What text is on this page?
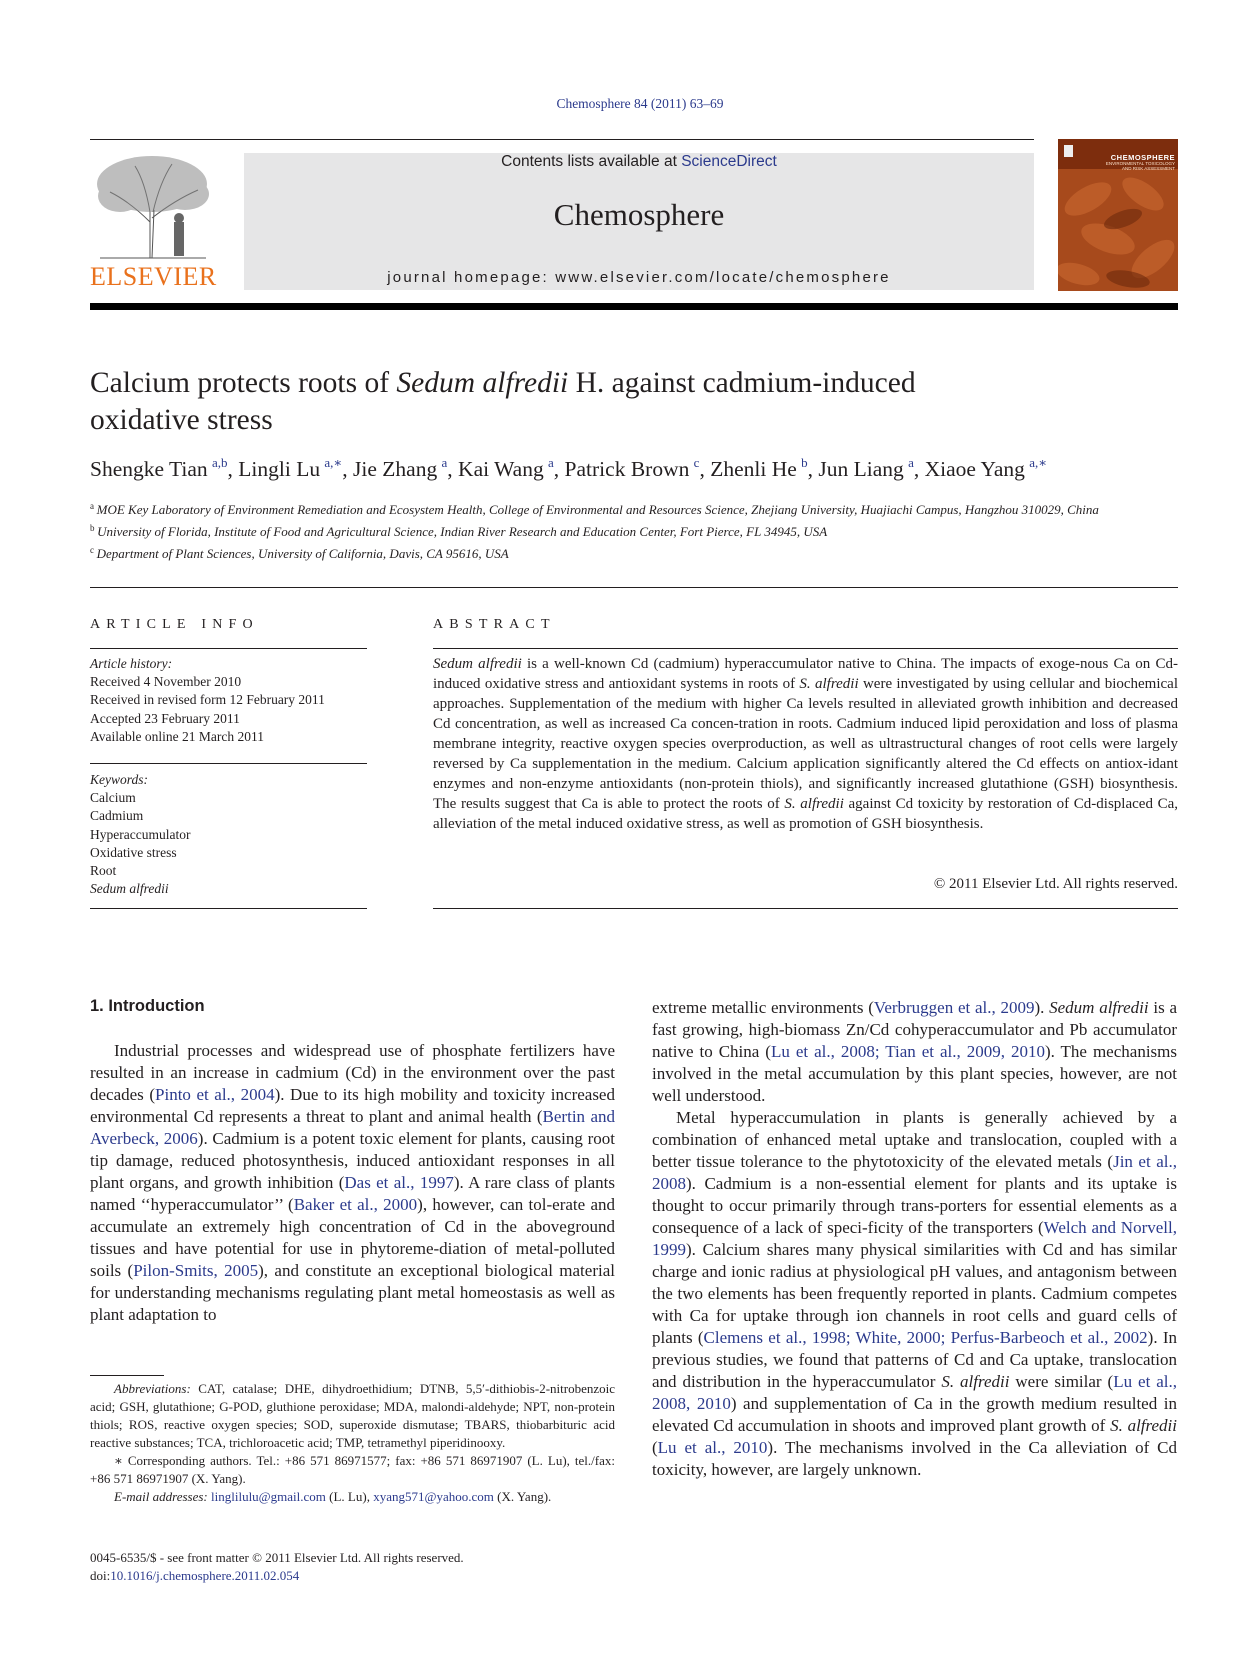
Chemosphere 84 (2011) 63–69
ELSEVIER
Contents lists available at ScienceDirect
Chemosphere
journal homepage: www.elsevier.com/locate/chemosphere
CHEMOSPHERE
ENVIRONMENTAL TOXICOLOGY AND RISK ASSESSMENT
Calcium protects roots of Sedum alfredii H. against cadmium-induced
oxidative stress
Shengke Tian  $^{a,b}$, Lingli Lu  $^{a,∗}$, Jie Zhang  $^a$, Kai Wang  $^a$, Patrick Brown  $^c$, Zhenli He  $^b$, Jun Liang  $^a$, Xiaoe Yang  $^{a,∗}$
$^a$  MOE Key Laboratory of Environment Remediation and Ecosystem Health, College of Environmental and Resources Science, Zhejiang University, Huajiachi Campus, Hangzhou 310029, China
$^b$  University of Florida, Institute of Food and Agricultural Science, Indian River Research and Education Center, Fort Pierce, FL 34945, USA
$^c$  Department of Plant Sciences, University of California, Davis, CA 95616, USA
ARTICLE INFO
Article history:
Received 4 November 2010
Received in revised form 12 February 2011
Accepted 23 February 2011
Available online 21 March 2011
Keywords:
Calcium
Cadmium
Hyperaccumulator
Oxidative stress
Root
Sedum alfredii
ABSTRACT
Sedum alfredii is a well-known Cd (cadmium) hyperaccumulator native to China. The impacts of exoge-nous Ca on Cd-induced oxidative stress and antioxidant systems in roots of S. alfredii were investigated by using cellular and biochemical approaches. Supplementation of the medium with higher Ca levels resulted in alleviated growth inhibition and decreased Cd concentration, as well as increased Ca concen-tration in roots. Cadmium induced lipid peroxidation and loss of plasma membrane integrity, reactive oxygen species overproduction, as well as ultrastructural changes of root cells were largely reversed by Ca supplementation in the medium. Calcium application significantly altered the Cd effects on antiox-idant enzymes and non-enzyme antioxidants (non-protein thiols), and significantly increased glutathione (GSH) biosynthesis. The results suggest that Ca is able to protect the roots of S. alfredii against Cd toxicity by restoration of Cd-displaced Ca, alleviation of the metal induced oxidative stress, as well as promotion of GSH biosynthesis.
© 2011 Elsevier Ltd. All rights reserved.
1. Introduction
Industrial processes and widespread use of phosphate fertilizers have resulted in an increase in cadmium (Cd) in the environment over the past decades (Pinto et al., 2004). Due to its high mobility and toxicity increased environmental Cd represents a threat to plant and animal health (Bertin and Averbeck, 2006). Cadmium is a potent toxic element for plants, causing root tip damage, reduced photosynthesis, induced antioxidant responses in all plant organs, and growth inhibition (Das et al., 1997). A rare class of plants named ‘‘hyperaccumulator’’ (Baker et al., 2000), however, can tol-erate and accumulate an extremely high concentration of Cd in the aboveground tissues and have potential for use in phytoreme-diation of metal-polluted soils (Pilon-Smits, 2005), and constitute an exceptional biological material for understanding mechanisms regulating plant metal homeostasis as well as plant adaptation to

extreme metallic environments (Verbruggen et al., 2009). Sedum alfredii is a fast growing, high-biomass Zn/Cd cohyperaccumulator and Pb accumulator native to China (Lu et al., 2008; Tian et al., 2009, 2010). The mechanisms involved in the metal accumulation by this plant species, however, are not well understood.

Metal hyperaccumulation in plants is generally achieved by a combination of enhanced metal uptake and translocation, coupled with a better tissue tolerance to the phytotoxicity of the elevated metals (Jin et al., 2008). Cadmium is a non-essential element for plants and its uptake is thought to occur primarily through trans-porters for essential elements as a consequence of a lack of speci-ficity of the transporters (Welch and Norvell, 1999). Calcium shares many physical similarities with Cd and has similar charge and ionic radius at physiological pH values, and antagonism between the two elements has been frequently reported in plants. Cadmium competes with Ca for uptake through ion channels in root cells and guard cells of plants (Clemens et al., 1998; White, 2000; Perfus-Barbeoch et al., 2002). In previous studies, we found that patterns of Cd and Ca uptake, translocation and distribution in the hyperaccumulator S. alfredii were similar (Lu et al., 2008, 2010) and supplementation of Ca in the growth medium resulted in elevated Cd accumulation in shoots and improved plant growth of S. alfredii (Lu et al., 2010). The mechanisms involved in the Ca alleviation of Cd toxicity, however, are largely unknown.

Abbreviations: CAT, catalase; DHE, dihydroethidium; DTNB, 5,5′-dithiobis-2-nitrobenzoic acid; GSH, glutathione; G-POD, gluthione peroxidase; MDA, malondi-aldehyde; NPT, non-protein thiols; ROS, reactive oxygen species; SOD, superoxide dismutase; TBARS, thiobarbituric acid reactive substances; TCA, trichloroacetic acid; TMP, tetramethyl piperidinooxy.

∗ Corresponding authors. Tel.: +86 571 86971577; fax: +86 571 86971907 (L. Lu), tel./fax: +86 571 86971907 (X. Yang).

E-mail addresses: linglilulu@gmail.com (L. Lu), xyang571@yahoo.com (X. Yang).

0045-6535/$ - see front matter © 2011 Elsevier Ltd. All rights reserved.
doi:10.1016/j.chemosphere.2011.02.054
